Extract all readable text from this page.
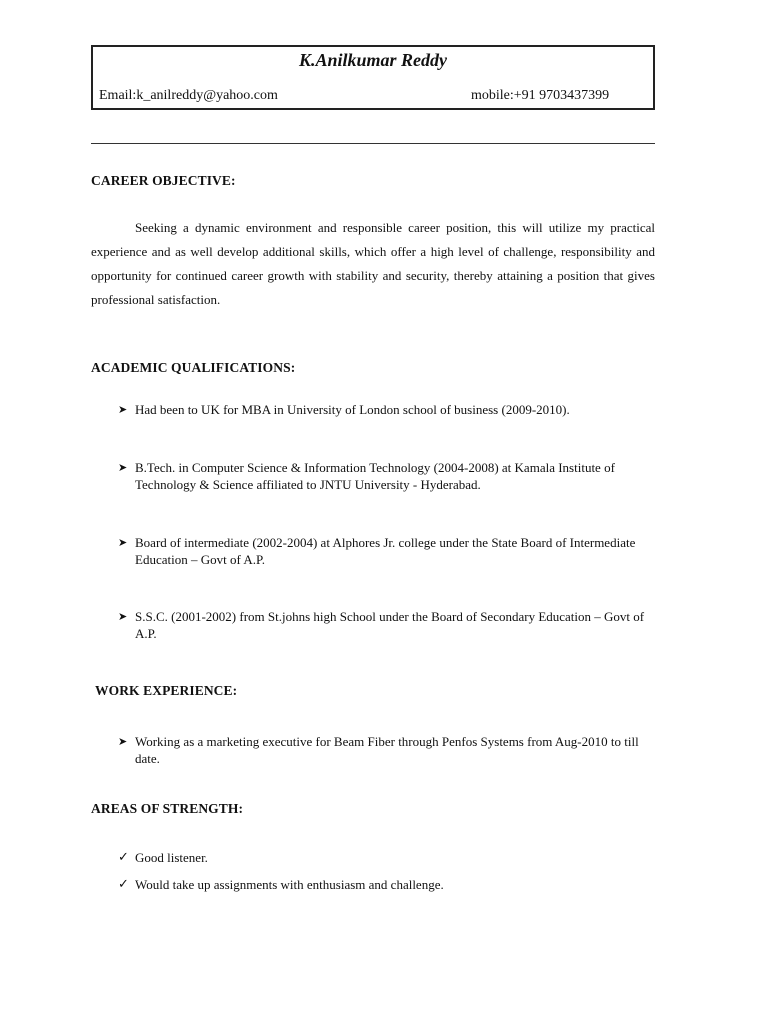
K.Anilkumar Reddy
Email:k_anilreddy@yahoo.com	mobile:+91 9703437399
CAREER OBJECTIVE:

Seeking a dynamic environment and responsible career position, this will utilize my practical experience and as well develop additional skills, which offer a high level of challenge, responsibility and opportunity for continued career growth with stability and security, thereby attaining a position that gives professional satisfaction.

ACADEMIC QUALIFICATIONS:
➤ Had been to UK for MBA in University of London school of business (2009-2010).
➤ B.Tech. in Computer Science & Information Technology (2004-2008) at Kamala Institute of Technology & Science affiliated to JNTU University - Hyderabad.
➤ Board of intermediate (2002-2004) at Alphores Jr. college under the State Board of Intermediate Education – Govt of A.P.
➤ S.S.C. (2001-2002) from St.johns high School under the Board of Secondary Education – Govt of A.P.
WORK EXPERIENCE:
➤ Working as a marketing executive for Beam Fiber through Penfos Systems from Aug-2010 to till date.
AREAS OF STRENGTH:
✓ Good listener.
✓ Would take up assignments with enthusiasm and challenge.
